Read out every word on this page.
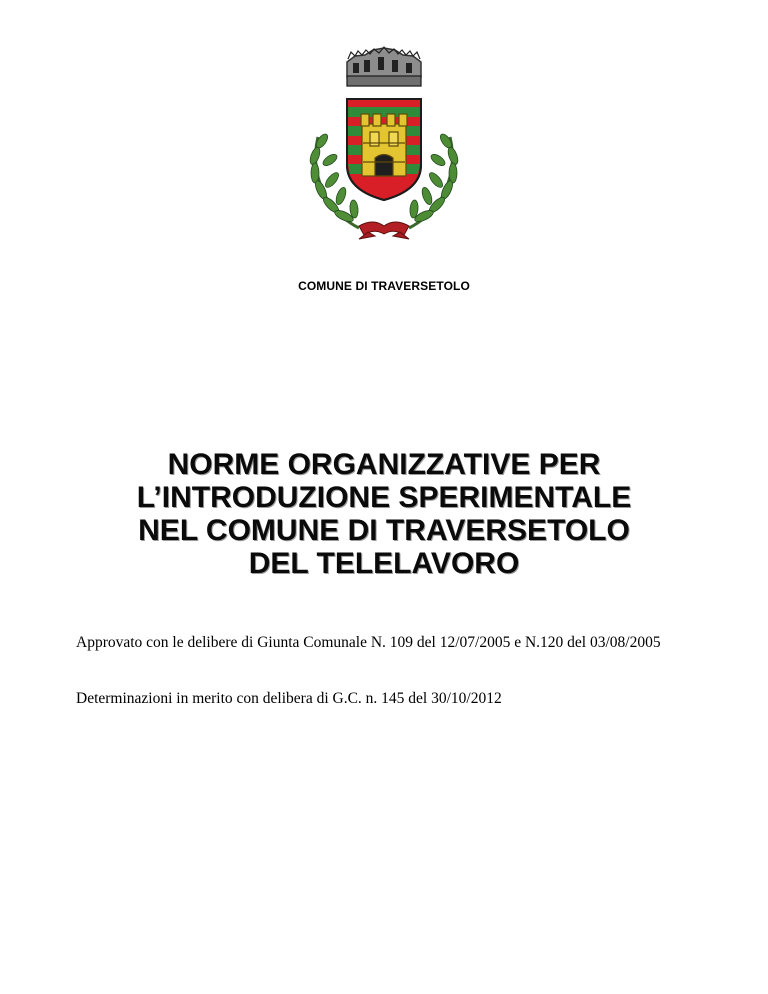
COMUNE DI TRAVERSETOLO
NORME ORGANIZZATIVE PER
L’INTRODUZIONE SPERIMENTALE
NEL COMUNE DI TRAVERSETOLO
DEL TELELAVORO
Approvato con le delibere di Giunta Comunale N. 109 del 12/07/2005 e N.120 del 03/08/2005
Determinazioni in merito con delibera di G.C. n. 145 del 30/10/2012
